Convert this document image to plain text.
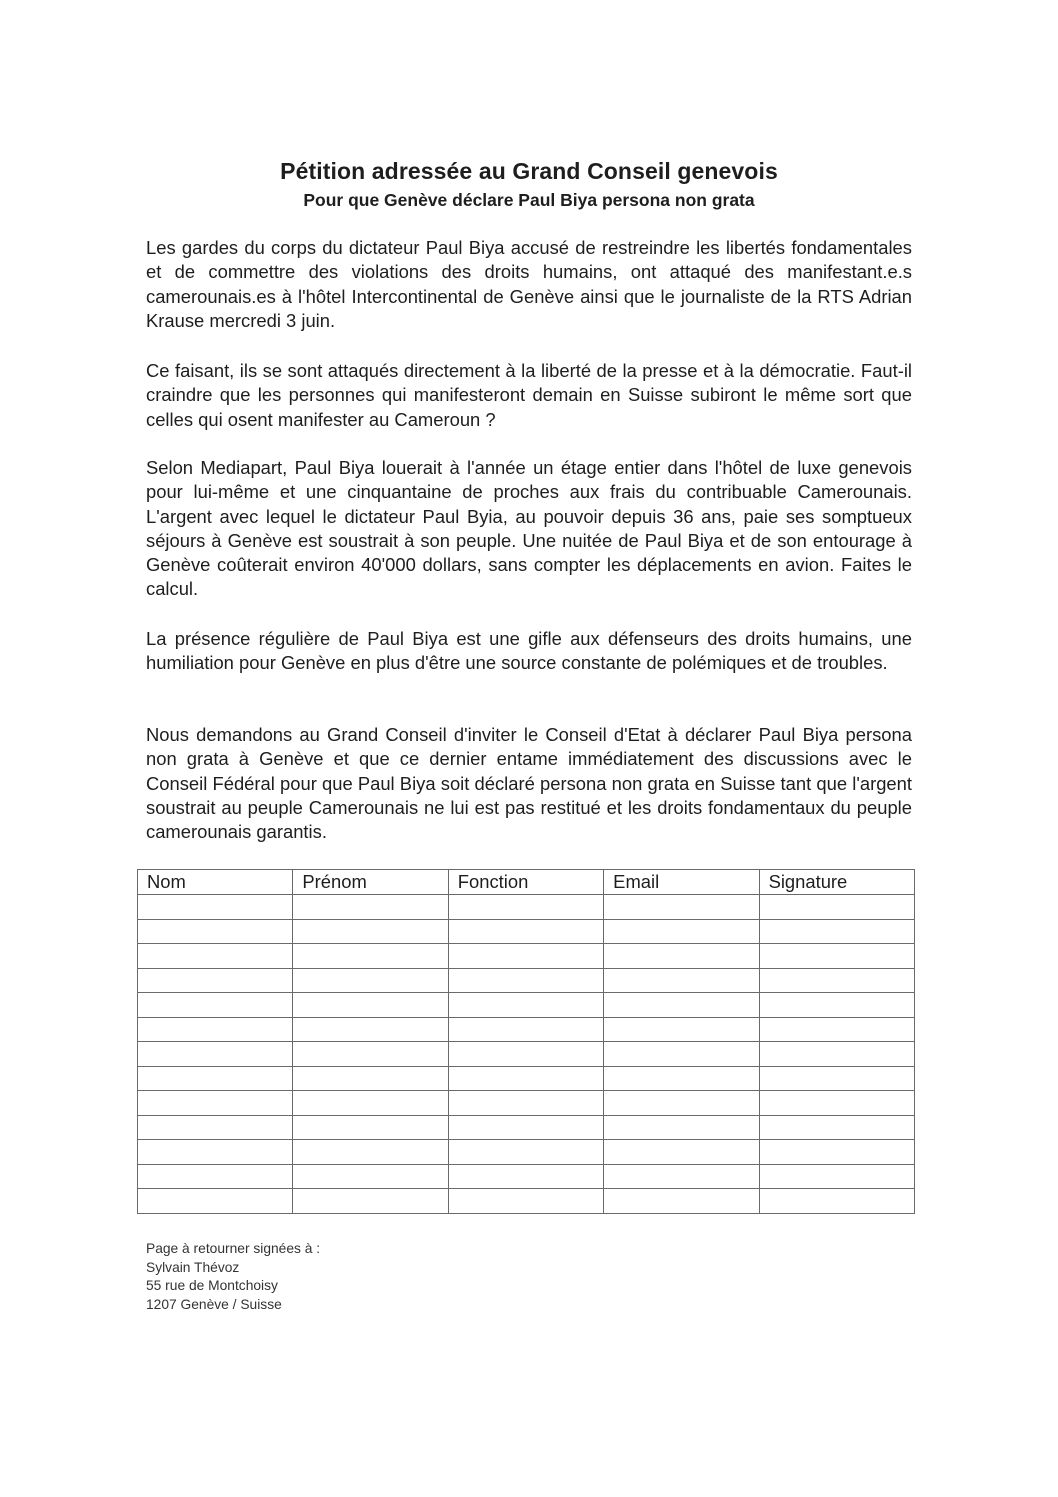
Pétition adressée au Grand Conseil genevois
Pour que Genève déclare Paul Biya persona non grata

Les gardes du corps du dictateur Paul Biya accusé de restreindre les libertés fondamentales et de commettre des violations des droits humains, ont attaqué des manifestant.e.s camerounais.es à l'hôtel Intercontinental de Genève ainsi que le journaliste de la RTS Adrian Krause mercredi 3 juin.

Ce faisant, ils se sont attaqués directement à la liberté de la presse et à la démocratie. Faut-il craindre que les personnes qui manifesteront demain en Suisse subiront le même sort que celles qui osent manifester au Cameroun ?

Selon Mediapart, Paul Biya louerait à l'année un étage entier dans l'hôtel de luxe genevois pour lui-même et une cinquantaine de proches aux frais du contribuable Camerounais. L'argent avec lequel le dictateur Paul Byia, au pouvoir depuis 36 ans, paie ses somptueux séjours à Genève est soustrait à son peuple. Une nuitée de Paul Biya et de son entourage à Genève coûterait environ 40'000 dollars, sans compter les déplacements en avion. Faites le calcul.

La présence régulière de Paul Biya est une gifle aux défenseurs des droits humains, une humiliation pour Genève en plus d'être une source constante de polémiques et de troubles.

Nous demandons au Grand Conseil d'inviter le Conseil d'Etat à déclarer Paul Biya persona non grata à Genève et que ce dernier entame immédiatement des discussions avec le Conseil Fédéral pour que Paul Biya soit déclaré persona non grata en Suisse tant que l'argent soustrait au peuple Camerounais ne lui est pas restitué et les droits fondamentaux du peuple camerounais garantis.

Nom	Prénom	Fonction	Email	Signature

Page à retourner signées à :
Sylvain Thévoz
55 rue de Montchoisy
1207 Genève / Suisse
